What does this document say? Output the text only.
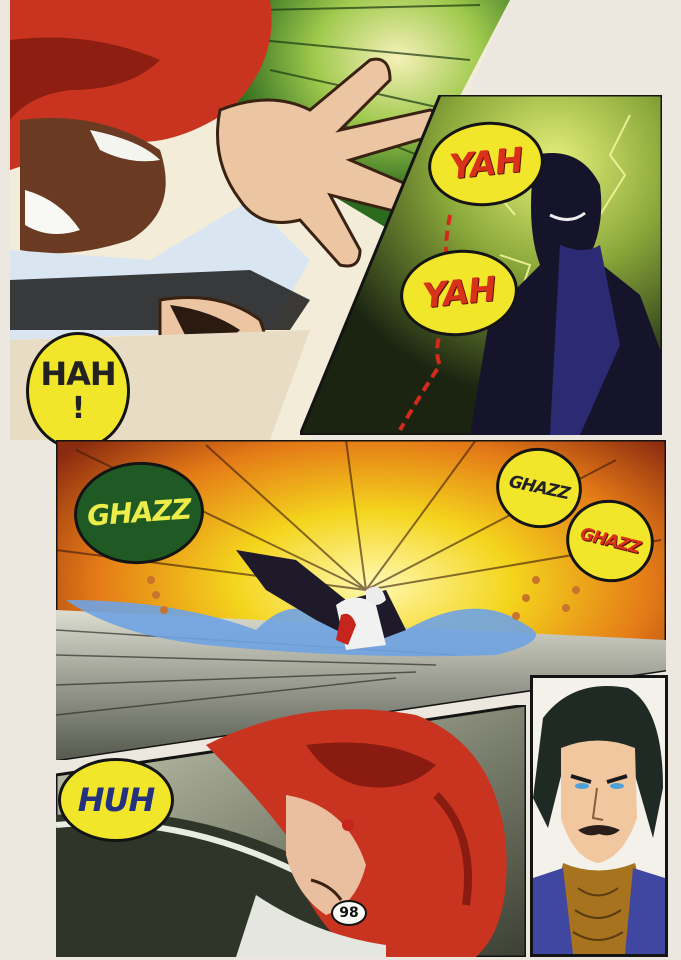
YAH
YAH
HAH
!
GHAZZ
GHAZZ
GHAZZ
HUH
98
